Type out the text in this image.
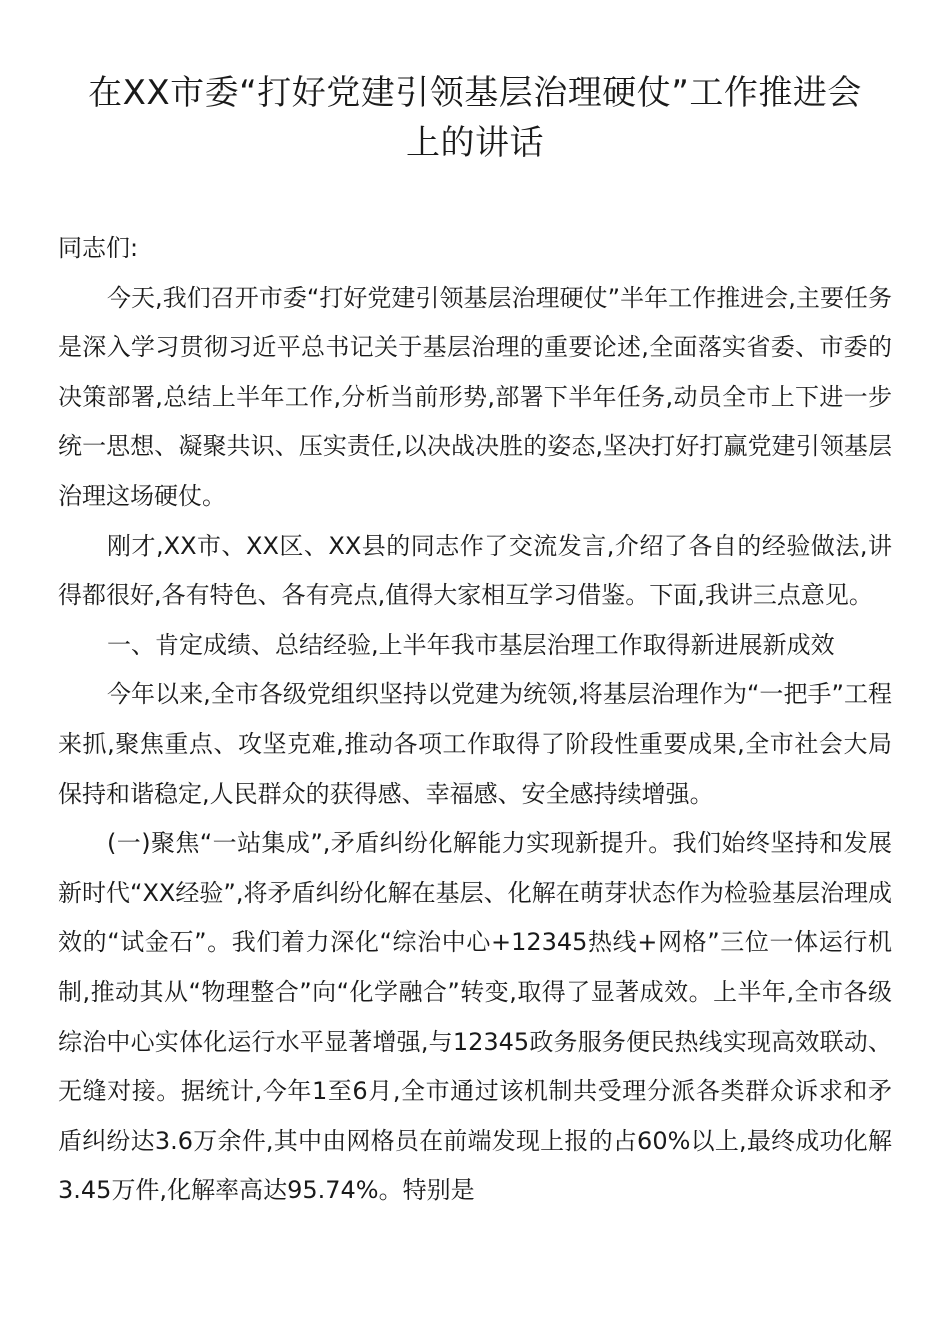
在XX市委“打好党建引领基层治理硬仗”工作推进会
上的讲话

同志们:

今天,我们召开市委“打好党建引领基层治理硬仗”半年工作推进会,主要任务是深入学习贯彻习近平总书记关于基层治理的重要论述,全面落实省委、市委的决策部署,总结上半年工作,分析当前形势,部署下半年任务,动员全市上下进一步统一思想、凝聚共识、压实责任,以决战决胜的姿态,坚决打好打赢党建引领基层治理这场硬仗。

刚才,XX市、XX区、XX县的同志作了交流发言,介绍了各自的经验做法,讲得都很好,各有特色、各有亮点,值得大家相互学习借鉴。下面,我讲三点意见。

一、肯定成绩、总结经验,上半年我市基层治理工作取得新进展新成效

今年以来,全市各级党组织坚持以党建为统领,将基层治理作为“一把手”工程来抓,聚焦重点、攻坚克难,推动各项工作取得了阶段性重要成果,全市社会大局保持和谐稳定,人民群众的获得感、幸福感、安全感持续增强。

(一)聚焦“一站集成”,矛盾纠纷化解能力实现新提升。我们始终坚持和发展新时代“XX经验”,将矛盾纠纷化解在基层、化解在萌芽状态作为检验基层治理成效的“试金石”。我们着力深化“综治中心+12345热线+网格”三位一体运行机制,推动其从“物理整合”向“化学融合”转变,取得了显著成效。上半年,全市各级综治中心实体化运行水平显著增强,与12345政务服务便民热线实现高效联动、无缝对接。据统计,今年1至6月,全市通过该机制共受理分派各类群众诉求和矛盾纠纷达3.6万余件,其中由网格员在前端发现上报的占60%以上,最终成功化解3.45万件,化解率高达95.74%。特别是
